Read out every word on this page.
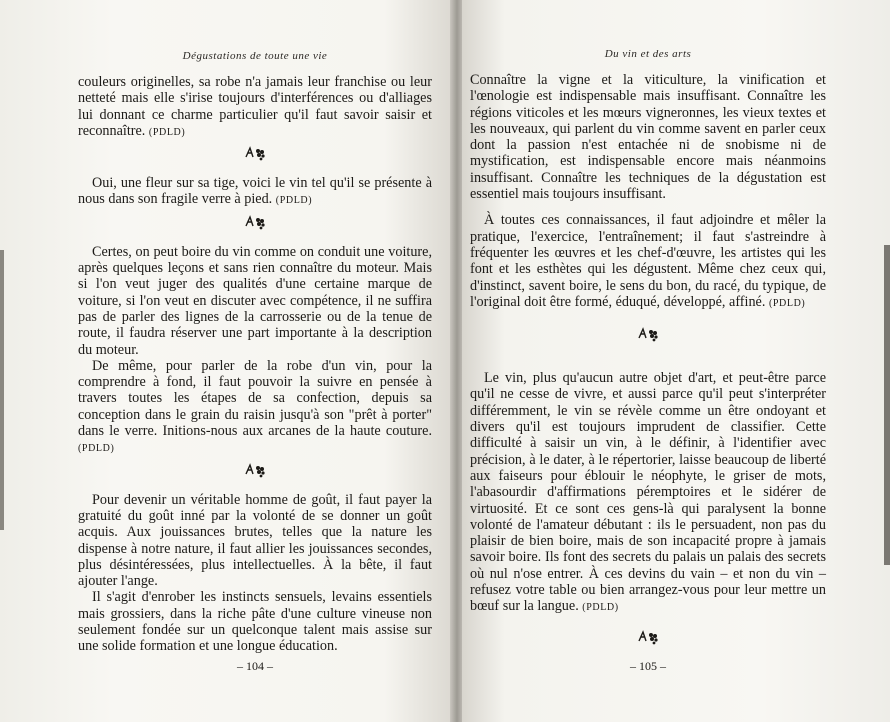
Dégustations de toute une vie

couleurs originelles, sa robe n'a jamais leur franchise ou leur netteté mais elle s'irise toujours d'interférences ou d'alliages lui donnant ce charme particulier qu'il faut savoir saisir et reconnaître. (PDLD)

Oui, une fleur sur sa tige, voici le vin tel qu'il se présente à nous dans son fragile verre à pied. (PDLD)

Certes, on peut boire du vin comme on conduit une voiture, après quelques leçons et sans rien connaître du moteur. Mais si l'on veut juger des qualités d'une certaine marque de voiture, si l'on veut en discuter avec compétence, il ne suffira pas de parler des lignes de la carrosserie ou de la tenue de route, il faudra réserver une part importante à la description du moteur.

De même, pour parler de la robe d'un vin, pour la comprendre à fond, il faut pouvoir la suivre en pensée à travers toutes les étapes de sa confection, depuis sa conception dans le grain du raisin jusqu'à son "prêt à porter" dans le verre. Initions-nous aux arcanes de la haute couture. (PDLD)

Pour devenir un véritable homme de goût, il faut payer la gratuité du goût inné par la volonté de se donner un goût acquis. Aux jouissances brutes, telles que la nature les dispense à notre nature, il faut allier les jouissances secondes, plus désintéressées, plus intellectuelles. À la bête, il faut ajouter l'ange.

Il s'agit d'enrober les instincts sensuels, levains essentiels mais grossiers, dans la riche pâte d'une culture vineuse non seulement fondée sur un quelconque talent mais assise sur une solide formation et une longue éducation.

– 104 –
Du vin et des arts

Connaître la vigne et la viticulture, la vinification et l'œnologie est indispensable mais insuffisant. Connaître les régions viticoles et les mœurs vigneronnes, les vieux textes et les nouveaux, qui parlent du vin comme savent en parler ceux dont la passion n'est entachée ni de snobisme ni de mystification, est indispensable encore mais néanmoins insuffisant. Connaître les techniques de la dégustation est essentiel mais toujours insuffisant.

À toutes ces connaissances, il faut adjoindre et mêler la pratique, l'exercice, l'entraînement; il faut s'astreindre à fréquenter les œuvres et les chef-d'œuvre, les artistes qui les font et les esthètes qui les dégustent. Même chez ceux qui, d'instinct, savent boire, le sens du bon, du racé, du typique, de l'original doit être formé, éduqué, développé, affiné. (PDLD)

Le vin, plus qu'aucun autre objet d'art, et peut-être parce qu'il ne cesse de vivre, et aussi parce qu'il peut s'interpréter différemment, le vin se révèle comme un être ondoyant et divers qu'il est toujours imprudent de classifier. Cette difficulté à saisir un vin, à le définir, à l'identifier avec précision, à le dater, à le répertorier, laisse beaucoup de liberté aux faiseurs pour éblouir le néophyte, le griser de mots, l'abasourdir d'affirmations péremptoires et le sidérer de virtuosité. Et ce sont ces gens-là qui paralysent la bonne volonté de l'amateur débutant : ils le persuadent, non pas du plaisir de bien boire, mais de son incapacité propre à jamais savoir boire. Ils font des secrets du palais un palais des secrets où nul n'ose entrer. À ces devins du vain – et non du vin – refusez votre table ou bien arrangez-vous pour leur mettre un bœuf sur la langue. (PDLD)

– 105 –
